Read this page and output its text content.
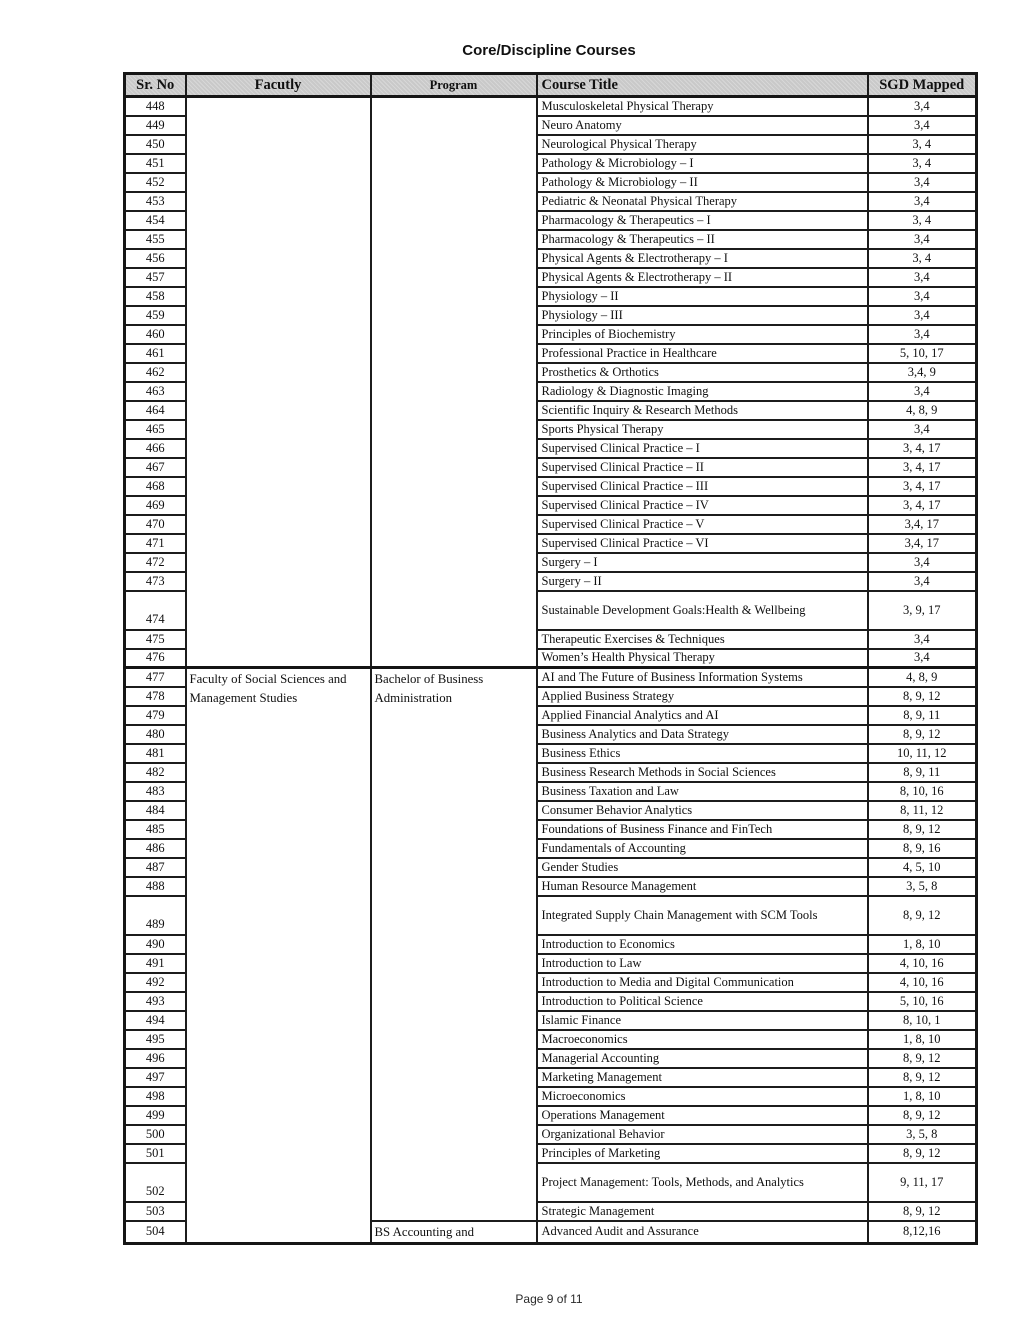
Core/Discipline Courses
Sr. No	Facutly	Program	Course Title	SGD Mapped
448			Musculoskeletal Physical Therapy	3,4
449			Neuro Anatomy	3,4
450			Neurological Physical Therapy	3, 4
451			Pathology & Microbiology – I	3, 4
452			Pathology & Microbiology – II	3,4
453			Pediatric & Neonatal Physical Therapy	3,4
454			Pharmacology & Therapeutics – I	3, 4
455			Pharmacology & Therapeutics – II	3,4
456			Physical Agents & Electrotherapy – I	3, 4
457			Physical Agents & Electrotherapy – II	3,4
458			Physiology – II	3,4
459			Physiology – III	3,4
460			Principles of Biochemistry	3,4
461			Professional Practice in Healthcare	5, 10, 17
462			Prosthetics & Orthotics	3,4, 9
463			Radiology & Diagnostic Imaging	3,4
464			Scientific Inquiry & Research Methods	4, 8, 9
465			Sports Physical Therapy	3,4
466			Supervised Clinical Practice – I	3, 4, 17
467			Supervised Clinical Practice – II	3, 4, 17
468			Supervised Clinical Practice – III	3, 4, 17
469			Supervised Clinical Practice – IV	3, 4, 17
470			Supervised Clinical Practice – V	3,4, 17
471			Supervised Clinical Practice – VI	3,4, 17
472			Surgery – I	3,4
473			Surgery – II	3,4
474			Sustainable Development Goals:Health & Wellbeing	3, 9, 17
475			Therapeutic Exercises & Techniques	3,4
476			Women’s Health Physical Therapy	3,4
477	Faculty of Social Sciences and Management Studies	Bachelor of Business Administration	AI and The Future of Business Information Systems	4, 8, 9
478			Applied Business Strategy	8, 9, 12
479			Applied Financial Analytics and AI	8, 9, 11
480			Business Analytics and Data Strategy	8, 9, 12
481			Business Ethics	10, 11, 12
482			Business Research Methods in Social Sciences	8, 9, 11
483			Business Taxation and Law	8, 10, 16
484			Consumer Behavior Analytics	8, 11, 12
485			Foundations of Business Finance and FinTech	8, 9, 12
486			Fundamentals of Accounting	8, 9, 16
487			Gender Studies	4, 5, 10
488			Human Resource Management	3, 5, 8
489			Integrated Supply Chain Management with SCM Tools	8, 9, 12
490			Introduction to Economics	1, 8, 10
491			Introduction to Law	4, 10, 16
492			Introduction to Media and Digital Communication	4, 10, 16
493			Introduction to Political Science	5, 10, 16
494			Islamic Finance	8, 10, 1
495			Macroeconomics	1, 8, 10
496			Managerial Accounting	8, 9, 12
497			Marketing Management	8, 9, 12
498			Microeconomics	1, 8, 10
499			Operations Management	8, 9, 12
500			Organizational Behavior	3, 5, 8
501			Principles of Marketing	8, 9, 12
502			Project Management: Tools, Methods, and Analytics	9, 11, 17
503			Strategic Management	8, 9, 12
504		BS Accounting and	Advanced Audit and Assurance	8,12,16
Page 9 of 11
